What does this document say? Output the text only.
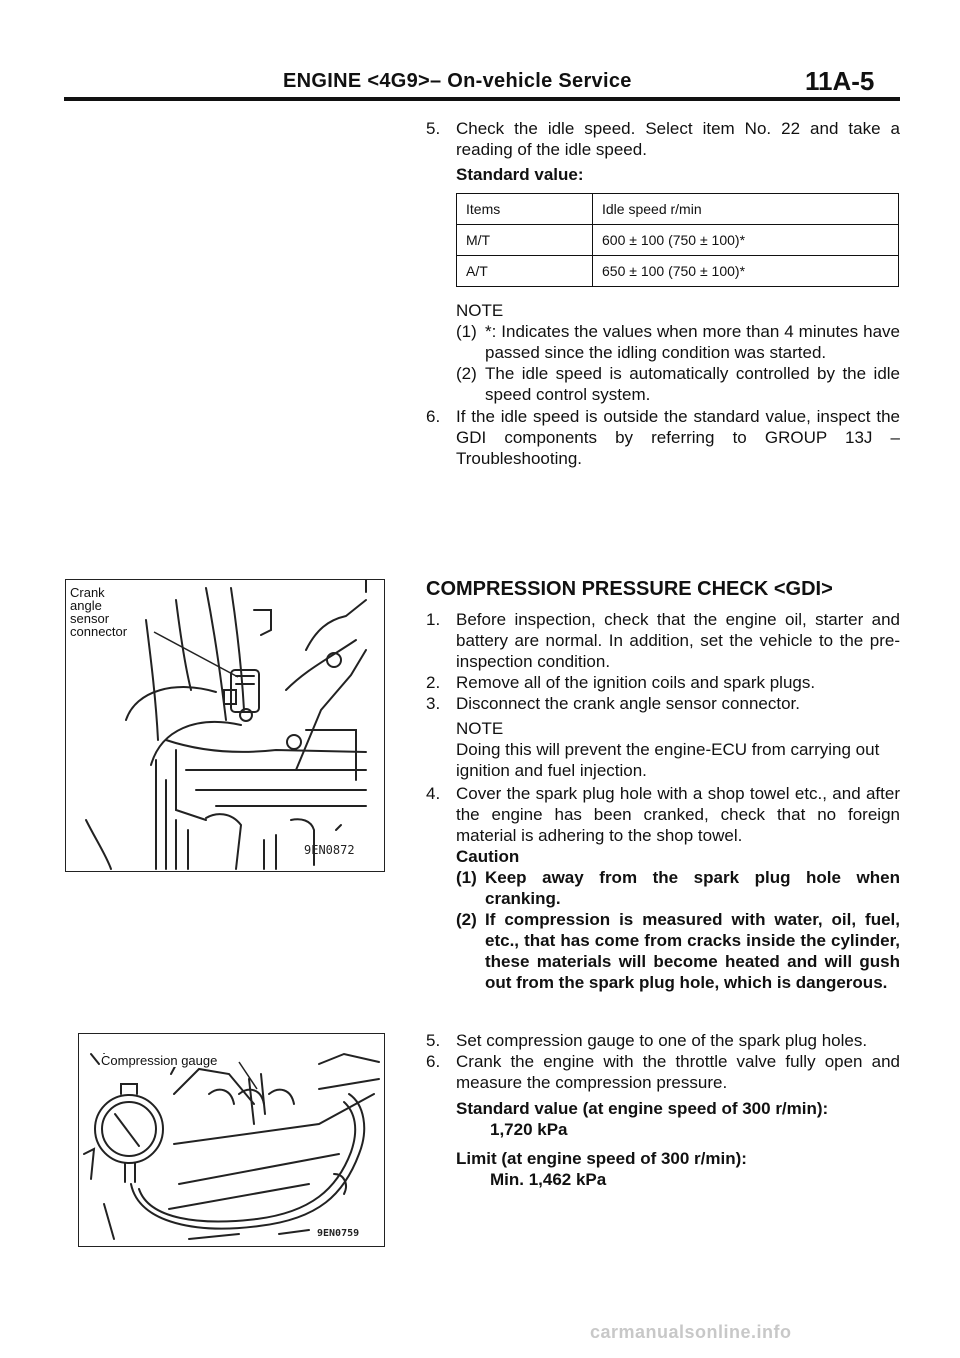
ENGINE <4G9>– On-vehicle Service	11A-5
5. Check the idle speed. Select item No. 22 and take a reading of the idle speed.
Standard value:
Items	Idle speed r/min
M/T	600 ± 100 (750 ± 100)*
A/T	650 ± 100 (750 ± 100)*
NOTE
(1) *: Indicates the values when more than 4 minutes have passed since the idling condition was started.
(2) The idle speed is automatically controlled by the idle speed control system.
6. If the idle speed is outside the standard value, inspect the GDI components by referring to GROUP 13J – Troubleshooting.
Crank
angle
sensor
connector
9EN0872
COMPRESSION PRESSURE CHECK <GDI>
1. Before inspection, check that the engine oil, starter and battery are normal. In addition, set the vehicle to the pre-inspection condition.
2. Remove all of the ignition coils and spark plugs.
3. Disconnect the crank angle sensor connector.
NOTE
Doing this will prevent the engine-ECU from carrying out ignition and fuel injection.
4. Cover the spark plug hole with a shop towel etc., and after the engine has been cranked, check that no foreign material is adhering to the shop towel.
Caution
(1) Keep away from the spark plug hole when cranking.
(2) If compression is measured with water, oil, fuel, etc., that has come from cracks inside the cylinder, these materials will become heated and will gush out from the spark plug hole, which is dangerous.
5. Set compression gauge to one of the spark plug holes.
6. Crank the engine with the throttle valve fully open and measure the compression pressure.
Standard value (at engine speed of 300 r/min):
1,720 kPa
Limit (at engine speed of 300 r/min):
Min. 1,462 kPa
Compression gauge
9EN0759
carmanualsonline.info
